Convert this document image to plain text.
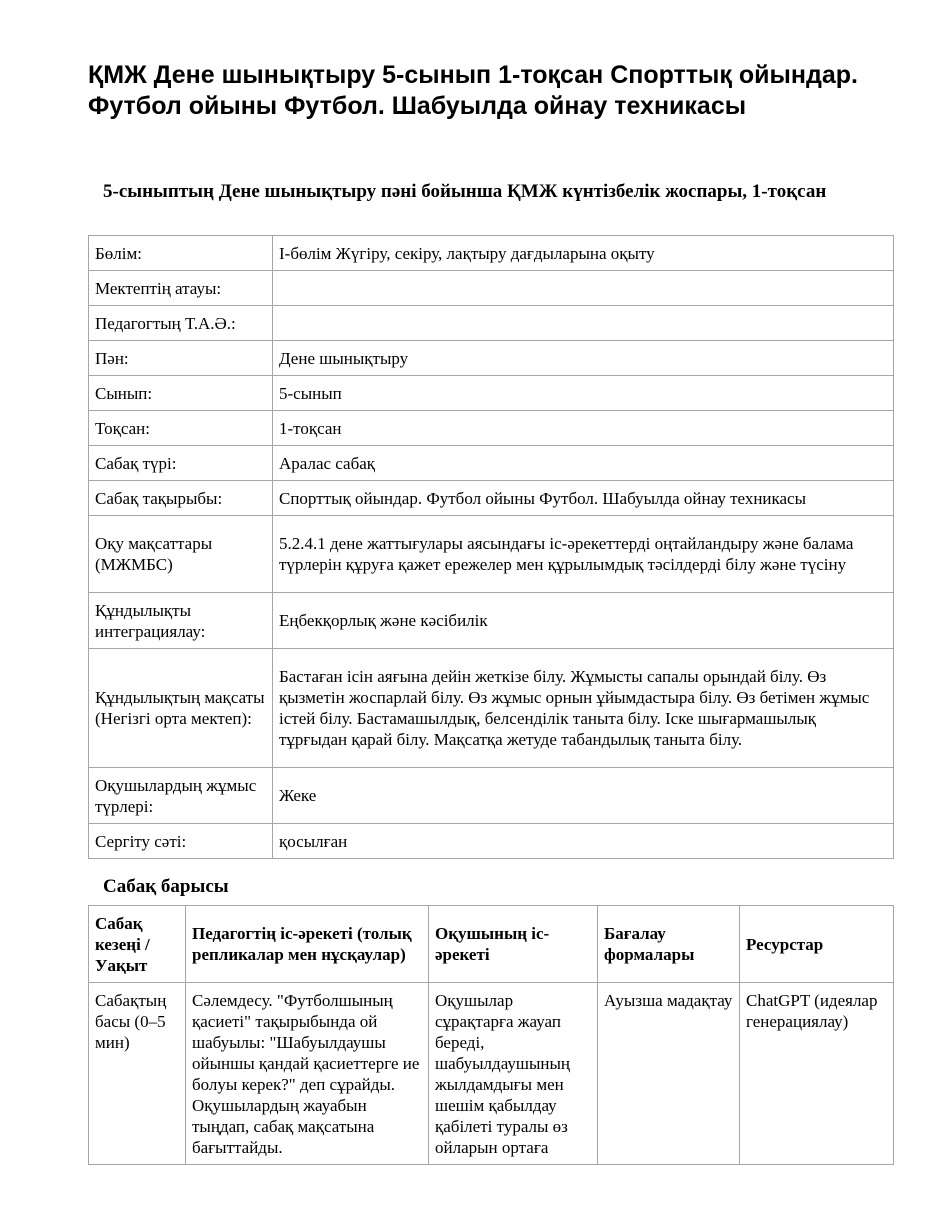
ҚМЖ Дене шынықтыру 5-сынып 1-тоқсан Спорттық ойындар. Футбол ойыны Футбол. Шабуылда ойнау техникасы
5-сыныптың Дене шынықтыру пәні бойынша ҚМЖ күнтізбелік жоспары, 1-тоқсан
Бөлім:	І-бөлім Жүгіру, секіру, лақтыру дағдыларына оқыту
Мектептің атауы:	
Педагогтың Т.А.Ә.:	
Пән:	Дене шынықтыру
Сынып:	5-сынып
Тоқсан:	1-тоқсан
Сабақ түрі:	Аралас сабақ
Сабақ тақырыбы:	Спорттық ойындар. Футбол ойыны Футбол. Шабуылда ойнау техникасы
Оқу мақсаттары (МЖМБС)	5.2.4.1 дене жаттығулары аясындағы іс-әрекеттерді оңтайландыру және балама түрлерін құруға қажет ережелер мен құрылымдық тәсілдерді білу және түсіну
Құндылықты интеграциялау:	Еңбекқорлық және кәсібилік
Құндылықтың мақсаты (Негізгі орта мектеп):	Бастаған ісін аяғына дейін жеткізе білу. Жұмысты сапалы орындай білу. Өз қызметін жоспарлай білу. Өз жұмыс орнын ұйымдастыра білу. Өз бетімен жұмыс істей білу. Бастамашылдық, белсенділік таныта білу. Іске шығармашылық тұрғыдан қарай білу. Мақсатқа жетуде табандылық таныта білу.
Оқушылардың жұмыс түрлері:	Жеке
Сергіту сәті:	қосылған
Сабақ барысы
Сабақ кезеңі / Уақыт	Педагогтің іс-әрекеті (толық репликалар мен нұсқаулар)	Оқушының іс-әрекеті	Бағалау формалары	Ресурстар
Сабақтың басы (0–5 мин)	Сәлемдесу. "Футболшының қасиеті" тақырыбында ой шабуылы: "Шабуылдаушы ойыншы қандай қасиеттерге ие болуы керек?" деп сұрайды. Оқушылардың жауабын тыңдап, сабақ мақсатына бағыттайды.	Оқушылар сұрақтарға жауап береді, шабуылдаушының жылдамдығы мен шешім қабылдау қабілеті туралы өз ойларын ортаға	Ауызша мадақтау	ChatGPT (идеялар генерациялау)
